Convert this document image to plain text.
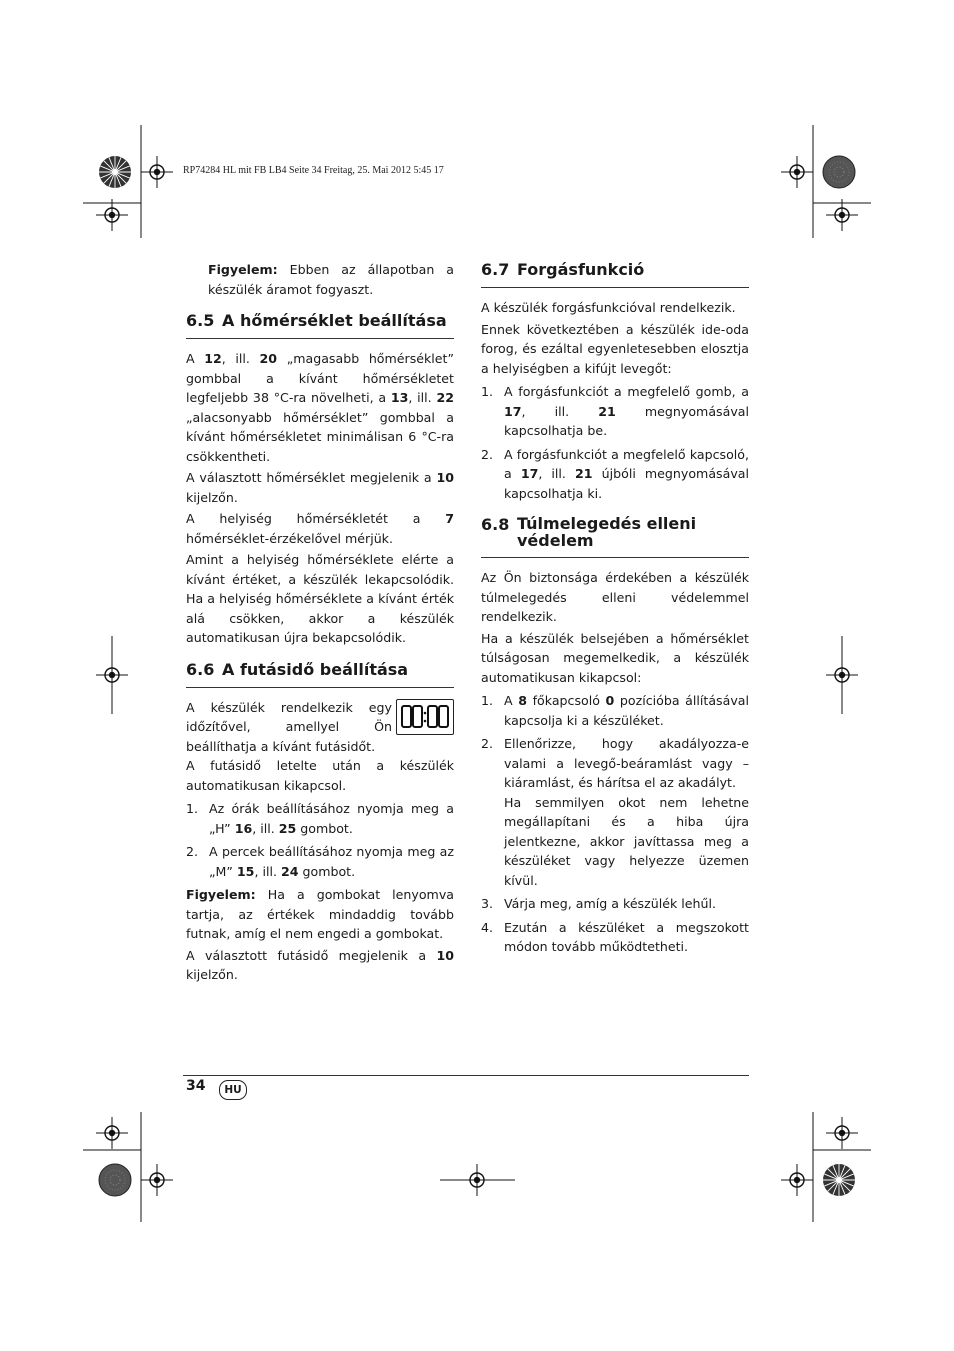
RP74284 HL mit FB LB4 Seite 34 Freitag, 25. Mai 2012 5:45 17

Figyelem: Ebben az állapotban a készülék áramot fogyaszt.

6.5 A hőmérséklet beállítása

A 12, ill. 20 „magasabb hőmérséklet” gombbal a kívánt hőmérsékletet legfeljebb 38 °C-ra növelheti, a 13, ill. 22 „alacsonyabb hőmérséklet” gombbal a kívánt hőmérsékletet minimálisan 6 °C-ra csökkentheti.

A választott hőmérséklet megjelenik a 10 kijelzőn.

A helyiség hőmérsékletét a 7 hőmérséklet-érzékelővel mérjük.

Amint a helyiség hőmérséklete elérte a kívánt értéket, a készülék lekapcsolódik. Ha a helyiség hőmérséklete a kívánt érték alá csökken, akkor a készülék automatikusan újra bekapcsolódik.

6.6 A futásidő beállítása
A készülék rendelkezik egy időzítővel, amellyel Ön beállíthatja a kívánt futásidőt.

A futásidő letelte után a készülék automatikusan kikapcsol.

1. Az órák beállításához nyomja meg a „H” 16, ill. 25 gombot.
2. A percek beállításához nyomja meg az „M” 15, ill. 24 gombot.

Figyelem: Ha a gombokat lenyomva tartja, az értékek mindaddig tovább futnak, amíg el nem engedi a gombokat.

A választott futásidő megjelenik a 10 kijelzőn.

6.7 Forgásfunkció

A készülék forgásfunkcióval rendelkezik.

Ennek következtében a készülék ide-oda forog, és ezáltal egyenletesebben elosztja a helyiségben a kifújt levegőt:

1. A forgásfunkciót a megfelelő gomb, a 17, ill. 21 megnyomásával kapcsolhatja be.
2. A forgásfunkciót a megfelelő kapcsoló, a 17, ill. 21 újbóli megnyomásával kapcsolhatja ki.
6.8 Túlmelegedés elleni
védelem

Az Ön biztonsága érdekében a készülék túlmelegedés elleni védelemmel rendelkezik.

Ha a készülék belsejében a hőmérséklet túlságosan megemelkedik, a készülék automatikusan kikapcsol:

1. A 8 főkapcsoló 0 pozícióba állításával kapcsolja ki a készüléket.
2. Ellenőrizze, hogy akadályozza-e valami a levegő-beáramlást vagy – kiáramlást, és hárítsa el az akadályt.

Ha semmilyen okot nem lehetne megállapítani és a hiba újra jelentkezne, akkor javíttassa meg a készüléket vagy helyezze üzemen kívül.

3. Várja meg, amíg a készülék lehűl.
4. Ezután a készüléket a megszokott módon tovább működtetheti.
34	HU
